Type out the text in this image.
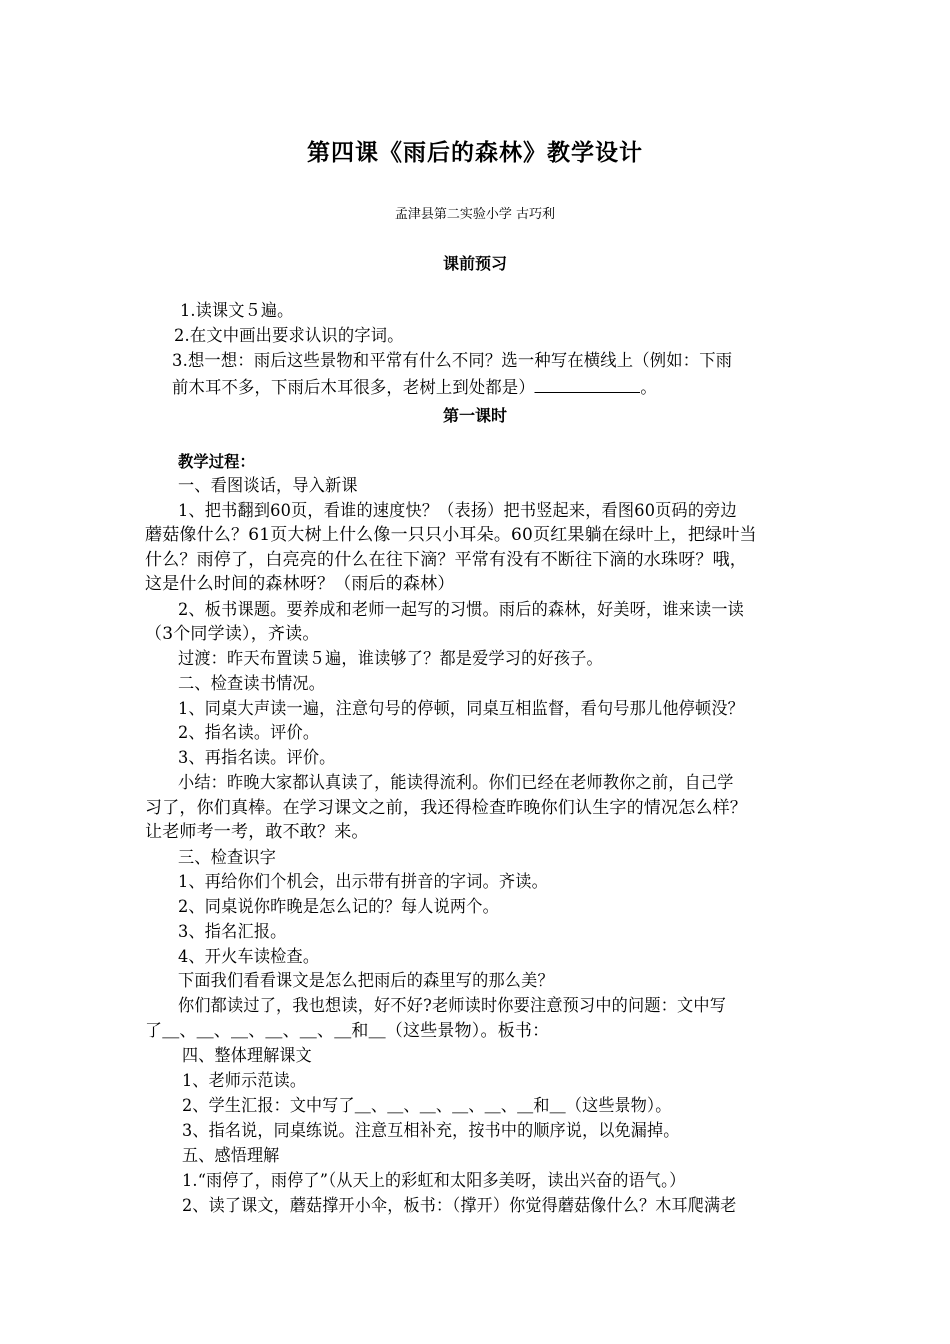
第四课《雨后的森林》教学设计
孟津县第二实验小学 古巧利
课前预习
1.读课文５遍。
2.在文中画出要求认识的字词。
3.想一想：雨后这些景物和平常有什么不同？选一种写在横线上（例如：下雨
前木耳不多，下雨后木耳很多，老树上到处都是）	。
第一课时
教学过程：
一、看图谈话，导入新课
1、把书翻到60页，看谁的速度快？（表扬）把书竖起来，看图60页码的旁边
蘑菇像什么？61页大树上什么像一只只小耳朵。60页红果躺在绿叶上，把绿叶当
什么？雨停了，白亮亮的什么在往下滴？平常有没有不断往下滴的水珠呀？哦，
这是什么时间的森林呀？（雨后的森林）
2、板书课题。要养成和老师一起写的习惯。雨后的森林，好美呀，谁来读一读
（3个同学读），齐读。
过渡：昨天布置读５遍，谁读够了？都是爱学习的好孩子。
二、检查读书情况。
1、同桌大声读一遍，注意句号的停顿，同桌互相监督，看句号那儿他停顿没？
2、指名读。评价。
3、再指名读。评价。
小结：昨晚大家都认真读了，能读得流利。你们已经在老师教你之前，自己学
习了，你们真棒。在学习课文之前，我还得检查昨晚你们认生字的情况怎么样？
让老师考一考，敢不敢？来。
三、检查识字
1、再给你们个机会，出示带有拼音的字词。齐读。
2、同桌说你昨晚是怎么记的？每人说两个。
3、指名汇报。
4、开火车读检查。
下面我们看看课文是怎么把雨后的森里写的那么美？
你们都读过了，我也想读，好不好?老师读时你要注意预习中的问题：文中写
了＿、＿、＿、＿、＿、＿和＿（这些景物）。板书：
四、整体理解课文
1、老师示范读。
2、学生汇报：文中写了＿、＿、＿、＿、＿、＿和＿（这些景物）。
3、指名说，同桌练说。注意互相补充，按书中的顺序说，以免漏掉。
五、感悟理解
1.“雨停了，雨停了”（从天上的彩虹和太阳多美呀，读出兴奋的语气。）
2、读了课文，蘑菇撑开小伞，板书：（撑开）你觉得蘑菇像什么？木耳爬满老
